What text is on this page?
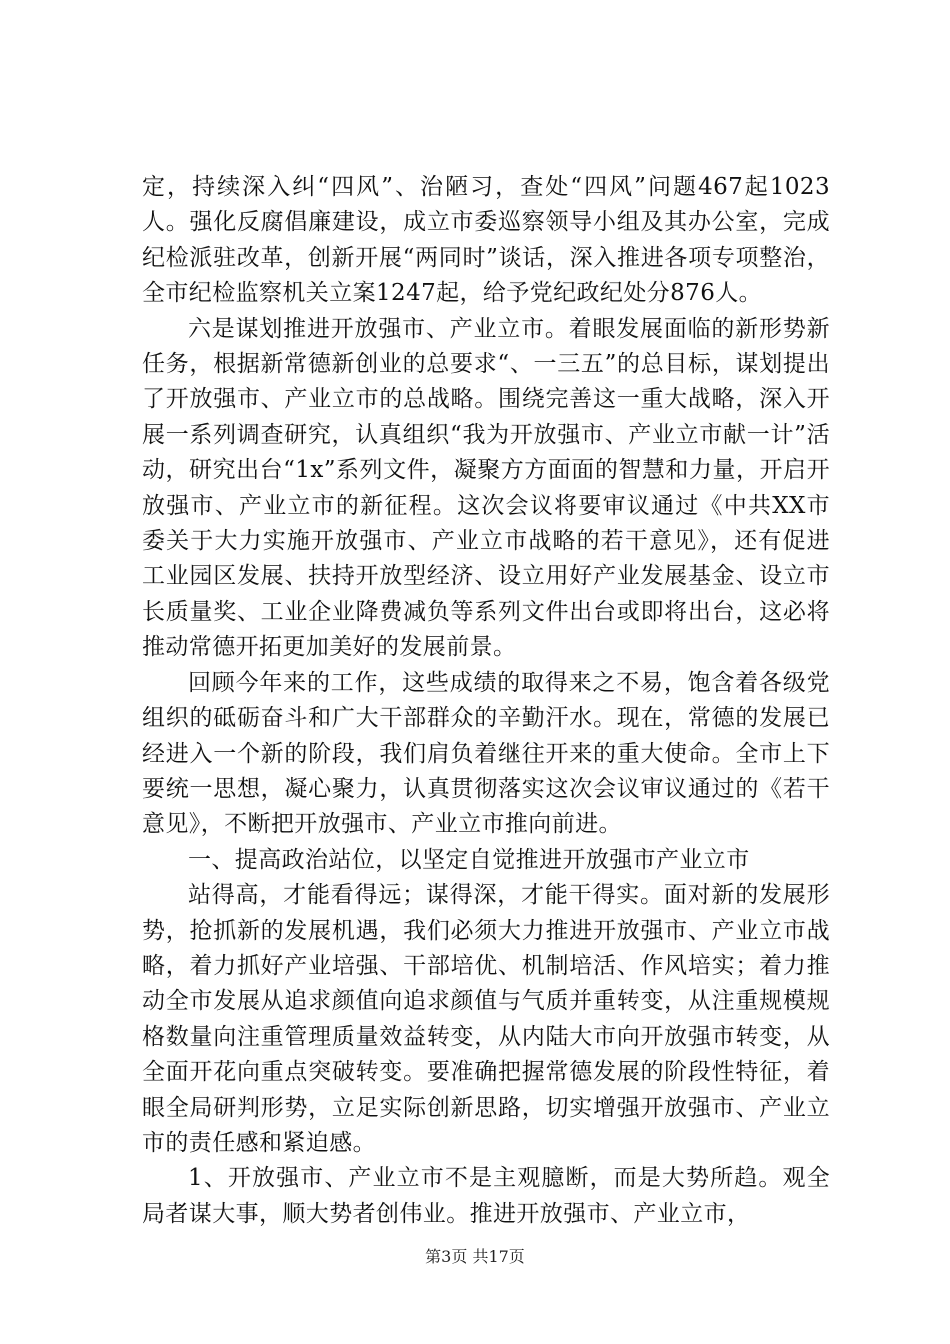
定，持续深入纠“四风”、治陋习，查处“四风”问题467起1023人。强化反腐倡廉建设，成立市委巡察领导小组及其办公室，完成纪检派驻改革，创新开展“两同时”谈话，深入推进各项专项整治，全市纪检监察机关立案1247起，给予党纪政纪处分876人。

六是谋划推进开放强市、产业立市。着眼发展面临的新形势新任务，根据新常德新创业的总要求“、一三五”的总目标，谋划提出了开放强市、产业立市的总战略。围绕完善这一重大战略，深入开展一系列调查研究，认真组织“我为开放强市、产业立市献一计”活动，研究出台“1x”系列文件，凝聚方方面面的智慧和力量，开启开放强市、产业立市的新征程。这次会议将要审议通过《中共XX市委关于大力实施开放强市、产业立市战略的若干意见》，还有促进工业园区发展、扶持开放型经济、设立用好产业发展基金、设立市长质量奖、工业企业降费减负等系列文件出台或即将出台，这必将推动常德开拓更加美好的发展前景。

回顾今年来的工作，这些成绩的取得来之不易，饱含着各级党组织的砥砺奋斗和广大干部群众的辛勤汗水。现在，常德的发展已经进入一个新的阶段，我们肩负着继往开来的重大使命。全市上下要统一思想，凝心聚力，认真贯彻落实这次会议审议通过的《若干意见》，不断把开放强市、产业立市推向前进。

一、提高政治站位，以坚定自觉推进开放强市产业立市

站得高，才能看得远；谋得深，才能干得实。面对新的发展形势，抢抓新的发展机遇，我们必须大力推进开放强市、产业立市战略，着力抓好产业培强、干部培优、机制培活、作风培实；着力推动全市发展从追求颜值向追求颜值与气质并重转变，从注重规模规格数量向注重管理质量效益转变，从内陆大市向开放强市转变，从全面开花向重点突破转变。要准确把握常德发展的阶段性特征，着眼全局研判形势，立足实际创新思路，切实增强开放强市、产业立市的责任感和紧迫感。

1、开放强市、产业立市不是主观臆断，而是大势所趋。观全局者谋大事，顺大势者创伟业。推进开放强市、产业立市，

第3页 共17页
